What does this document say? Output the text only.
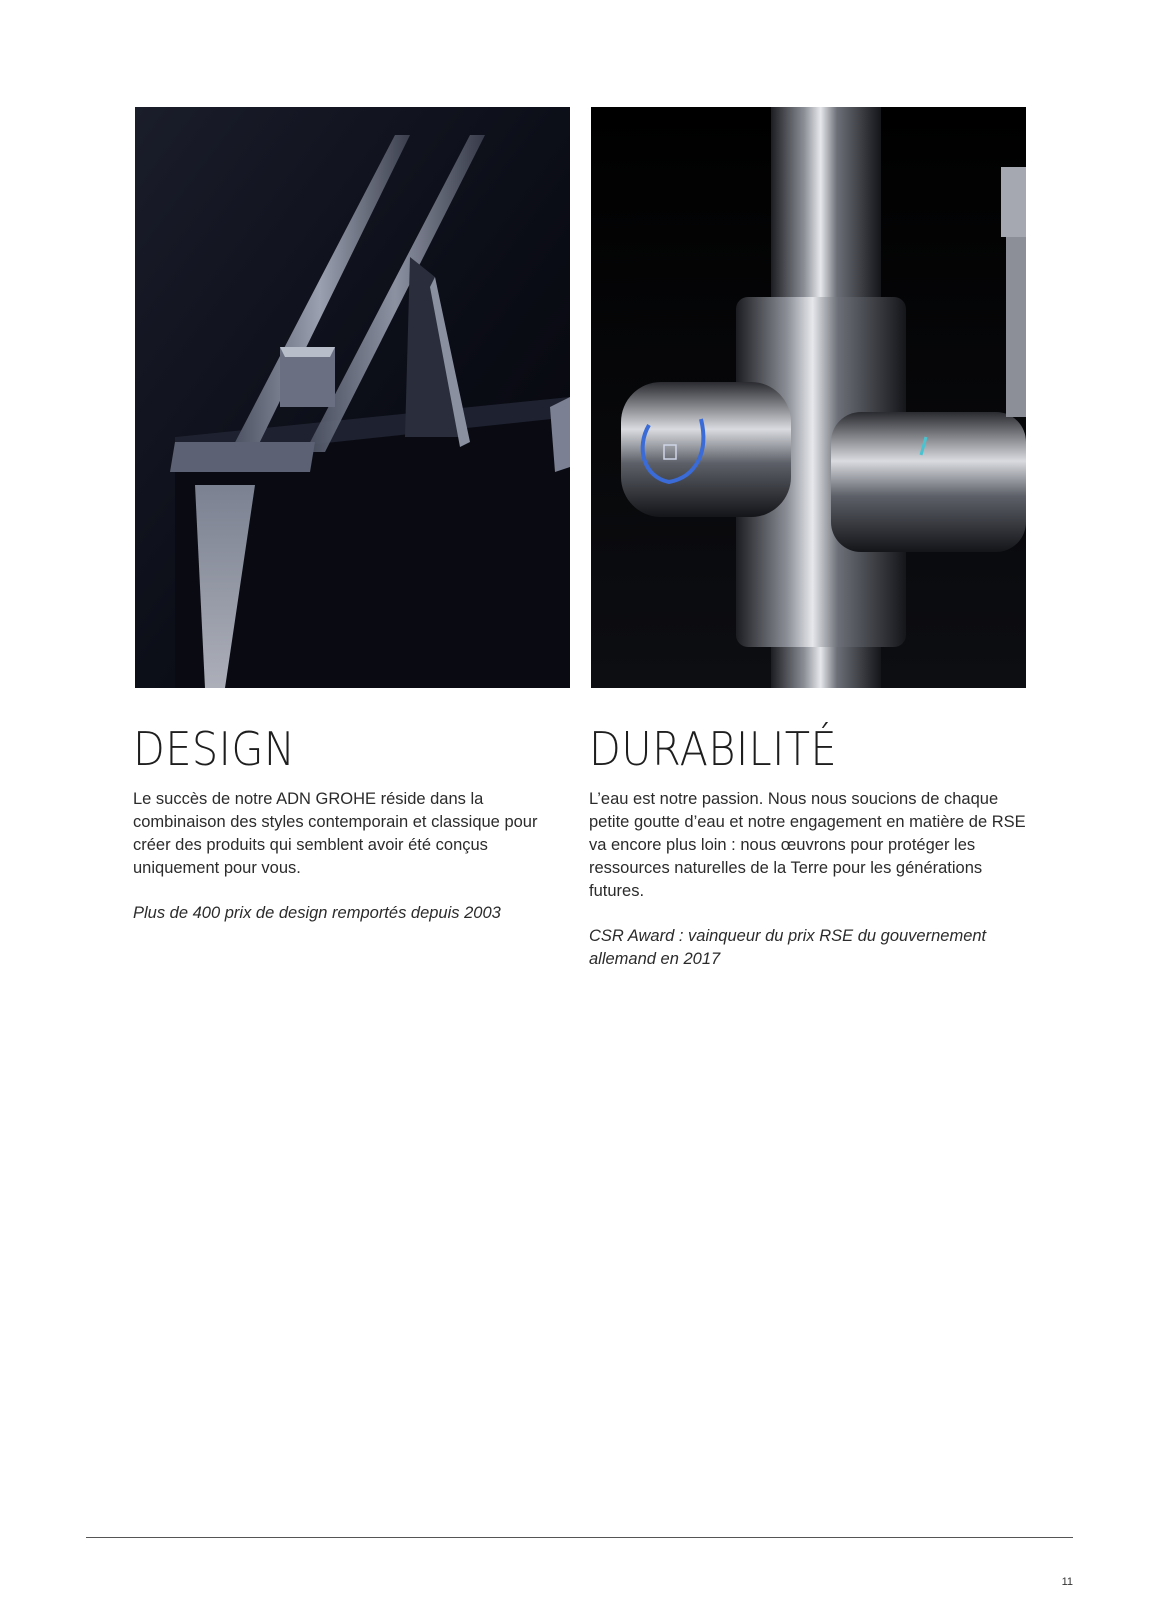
DESIGN

Le succès de notre ADN GROHE réside dans la combinaison des styles contemporain et classique pour créer des produits qui semblent avoir été conçus uniquement pour vous.

Plus de 400 prix de design remportés depuis 2003

DURABILITÉ

L’eau est notre passion. Nous nous soucions de chaque petite goutte d’eau et notre engagement en matière de RSE va encore plus loin : nous œuvrons pour protéger les ressources naturelles de la Terre pour les générations futures.

CSR Award : vainqueur du prix RSE du gouvernement allemand en 2017

11
